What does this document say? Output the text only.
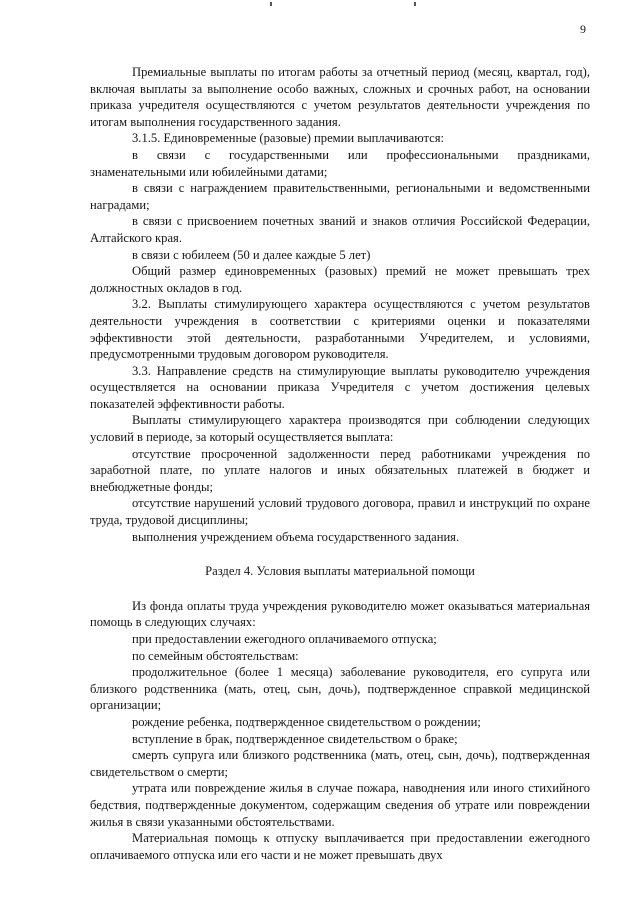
9

Премиальные выплаты по итогам работы за отчетный период (месяц, квартал, год), включая выплаты за выполнение особо важных, сложных и срочных работ, на основании приказа учредителя осуществляются с учетом результатов деятельности учреждения по итогам выполнения государственного задания.

3.1.5. Единовременные (разовые) премии выплачиваются:

в связи с государственными или профессиональными праздниками, знаменательными или юбилейными датами;

в связи с награждением правительственными, региональными и ведомственными наградами;

в связи с присвоением почетных званий и знаков отличия Российской Федерации, Алтайского края.

в связи с юбилеем (50 и далее каждые 5 лет)

Общий размер единовременных (разовых) премий не может превышать трех должностных окладов в год.

3.2. Выплаты стимулирующего характера осуществляются с учетом результатов деятельности учреждения в соответствии с критериями оценки и показателями эффективности этой деятельности, разработанными Учредителем, и условиями, предусмотренными трудовым договором руководителя.

3.3. Направление средств на стимулирующие выплаты руководителю учреждения осуществляется на основании приказа Учредителя с учетом достижения целевых показателей эффективности работы.

Выплаты стимулирующего характера производятся при соблюдении следующих условий в периоде, за который осуществляется выплата:

отсутствие просроченной задолженности перед работниками учреждения по заработной плате, по уплате налогов и иных обязательных платежей в бюджет и внебюджетные фонды;

отсутствие нарушений условий трудового договора, правил и инструкций по охране труда, трудовой дисциплины;

выполнения учреждением объема государственного задания.

Раздел 4. Условия выплаты материальной помощи

Из фонда оплаты труда учреждения руководителю может оказываться материальная помощь в следующих случаях:

при предоставлении ежегодного оплачиваемого отпуска;

по семейным обстоятельствам:

продолжительное (более 1 месяца) заболевание руководителя, его супруга или близкого родственника (мать, отец, сын, дочь), подтвержденное справкой медицинской организации;

рождение ребенка, подтвержденное свидетельством о рождении;

вступление в брак, подтвержденное свидетельством о браке;

смерть супруга или близкого родственника (мать, отец, сын, дочь), подтвержденная свидетельством о смерти;

утрата или повреждение жилья в случае пожара, наводнения или иного стихийного бедствия, подтвержденные документом, содержащим сведения об утрате или повреждении жилья в связи указанными обстоятельствами.

Материальная помощь к отпуску выплачивается при предоставлении ежегодного оплачиваемого отпуска или его части и не может превышать двух
